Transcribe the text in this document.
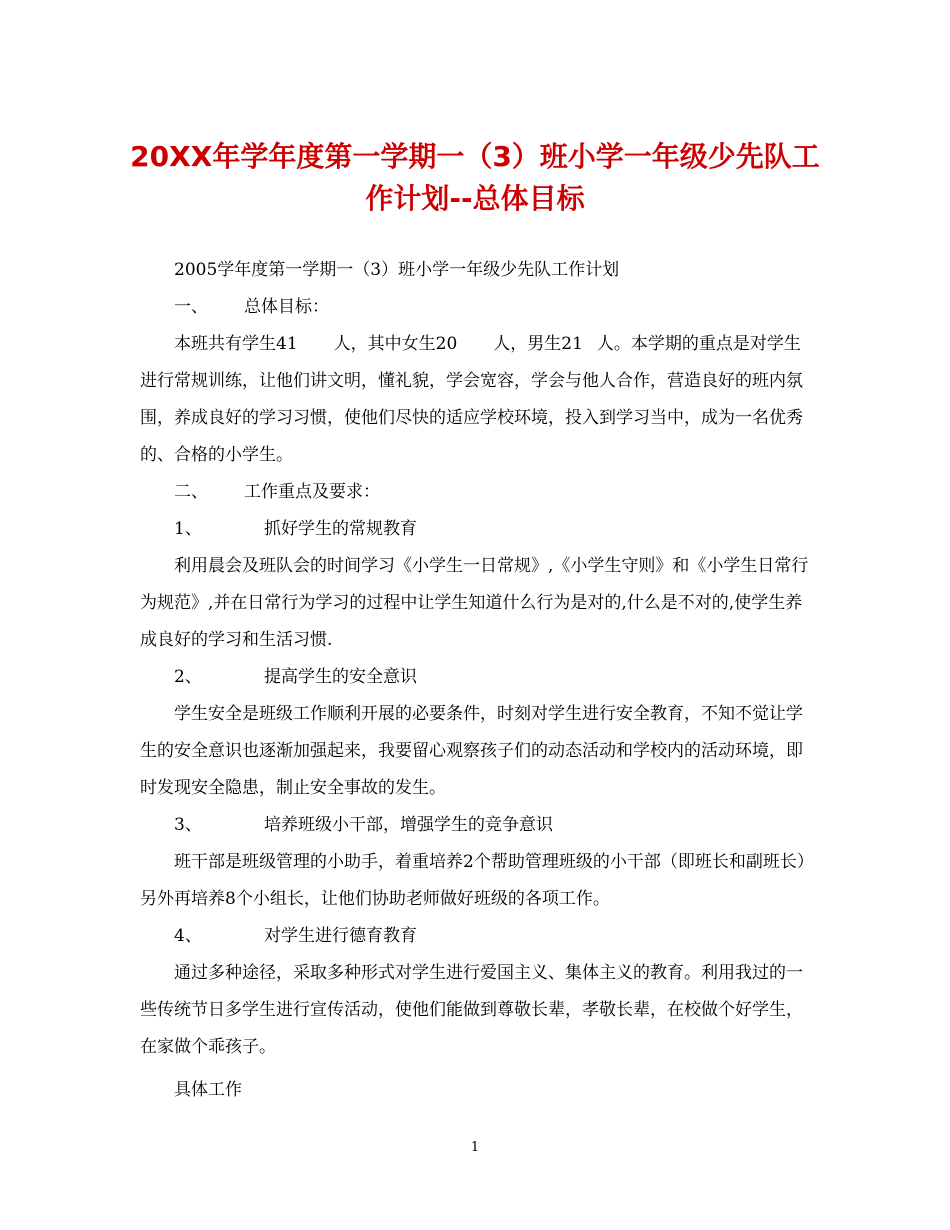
20XX年学年度第一学期一（3）班小学一年级少先队工
作计划--总体目标

2005学年度第一学期一（3）班小学一年级少先队工作计划

一、 总体目标：

本班共有学生41 人，其中女生20 人，男生21 人。本学期的重点是对学生进行常规训练，让他们讲文明，懂礼貌，学会宽容，学会与他人合作，营造良好的班内氛围，养成良好的学习习惯，使他们尽快的适应学校环境，投入到学习当中，成为一名优秀的、合格的小学生。

二、 工作重点及要求：

1、	抓好学生的常规教育

利用晨会及班队会的时间学习《小学生一日常规》,《小学生守则》和《小学生日常行为规范》,并在日常行为学习的过程中让学生知道什么行为是对的,什么是不对的,使学生养成良好的学习和生活习惯.

2、	提高学生的安全意识

学生安全是班级工作顺利开展的必要条件，时刻对学生进行安全教育，不知不觉让学生的安全意识也逐渐加强起来，我要留心观察孩子们的动态活动和学校内的活动环境，即时发现安全隐患，制止安全事故的发生。

3、	培养班级小干部，增强学生的竞争意识

班干部是班级管理的小助手，着重培养2个帮助管理班级的小干部（即班长和副班长）另外再培养8个小组长，让他们协助老师做好班级的各项工作。

4、	对学生进行德育教育

通过多种途径，采取多种形式对学生进行爱国主义、集体主义的教育。利用我过的一些传统节日多学生进行宣传活动，使他们能做到尊敬长辈，孝敬长辈，在校做个好学生，在家做个乖孩子。

具体工作

1
